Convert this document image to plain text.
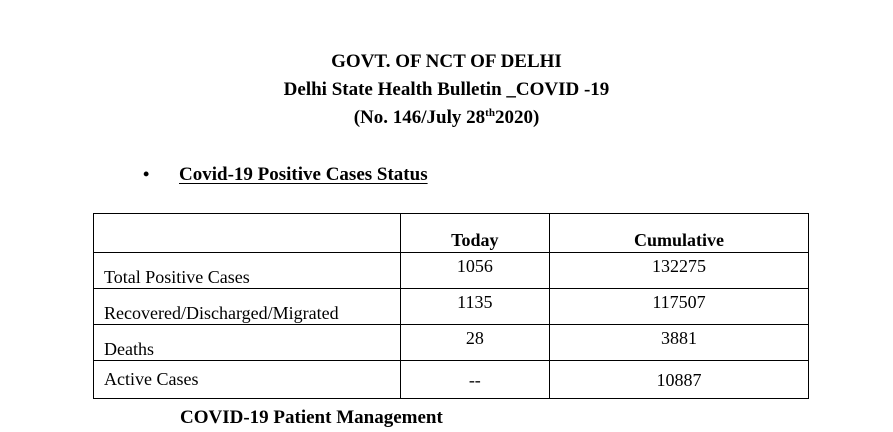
GOVT. OF NCT OF DELHI
Delhi State Health Bulletin _COVID -19
(No. 146/July 28th2020)
• Covid-19 Positive Cases Status
	Today	Cumulative
Total Positive Cases	1056	132275
Recovered/Discharged/Migrated	1135	117507
Deaths	28	3881
Active Cases	--	10887
COVID-19 Patient Management
